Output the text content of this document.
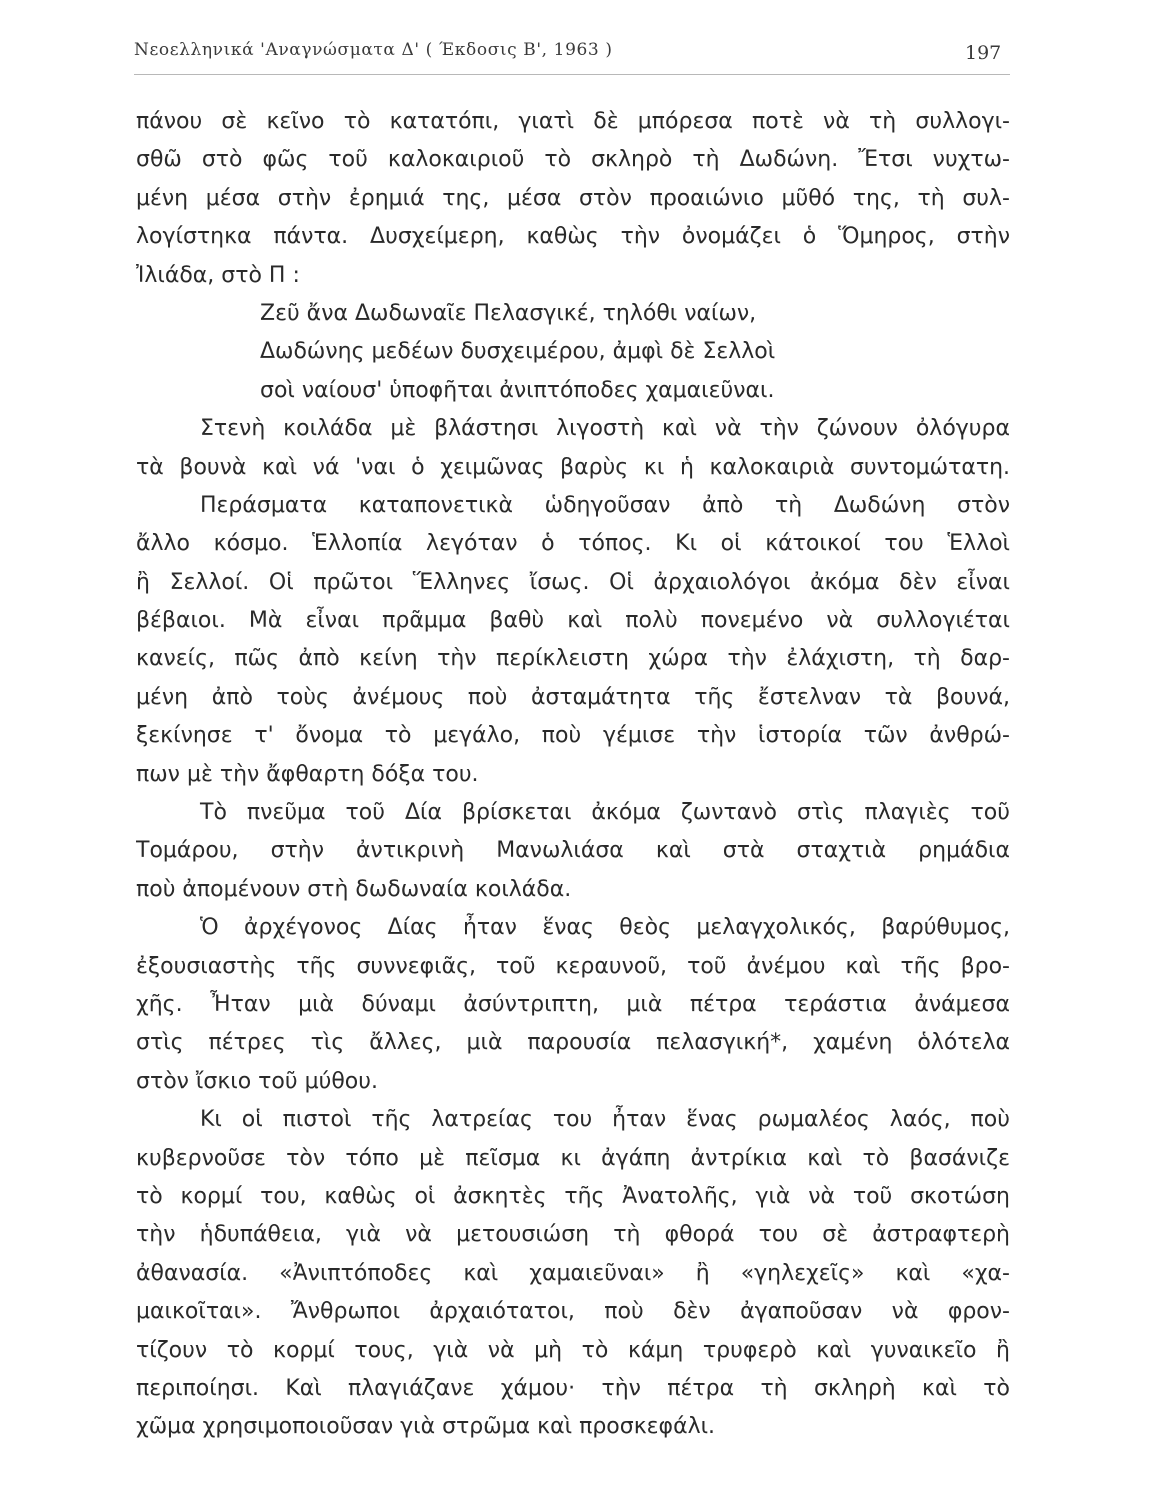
Νεοελληνικά 'Αναγνώσματα Δ' ( Έκδοσις Β', 1963 )	197
πάνου σὲ κεῖνο τὸ κατατόπι, γιατὶ δὲ μπόρεσα ποτὲ νὰ τὴ συλλογι-
σθῶ στὸ φῶς τοῦ καλοκαιριοῦ τὸ σκληρὸ τὴ Δωδώνη. Ἔτσι νυχτω-
μένη μέσα στὴν ἐρημιά της, μέσα στὸν προαιώνιο μῦθό της, τὴ συλ-
λογίστηκα πάντα. Δυσχείμερη, καθὼς τὴν ὀνομάζει ὁ Ὅμηρος, στὴν
Ἰλιάδα, στὸ Π :
Ζεῦ ἄνα Δωδωναῖε Πελασγικέ, τηλόθι ναίων,
Δωδώνης μεδέων δυσχειμέρου, ἀμφὶ δὲ Σελλοὶ
σοὶ ναίουσ' ὑποφῆται ἀνιπτόποδες χαμαιεῦναι.
Στενὴ κοιλάδα μὲ βλάστησι λιγοστὴ καὶ νὰ τὴν ζώνουν ὀλόγυρα
τὰ βουνὰ καὶ νά 'ναι ὁ χειμῶνας βαρὺς κι ἡ καλοκαιριὰ συντομώτατη.
Περάσματα καταπονετικὰ ὡδηγοῦσαν ἀπὸ τὴ Δωδώνη στὸν
ἄλλο κόσμο. Ἑλλοπία λεγόταν ὁ τόπος. Κι οἱ κάτοικοί του Ἑλλοὶ
ἢ Σελλοί. Οἱ πρῶτοι Ἕλληνες ἴσως. Οἱ ἀρχαιολόγοι ἀκόμα δὲν εἶναι
βέβαιοι. Μὰ εἶναι πρᾶμμα βαθὺ καὶ πολὺ πονεμένο νὰ συλλογιέται
κανείς, πῶς ἀπὸ κείνη τὴν περίκλειστη χώρα τὴν ἐλάχιστη, τὴ δαρ-
μένη ἀπὸ τοὺς ἀνέμους ποὺ ἀσταμάτητα τῆς ἔστελναν τὰ βουνά,
ξεκίνησε τ' ὄνομα τὸ μεγάλο, ποὺ γέμισε τὴν ἱστορία τῶν ἀνθρώ-
πων μὲ τὴν ἄφθαρτη δόξα του.
Τὸ πνεῦμα τοῦ Δία βρίσκεται ἀκόμα ζωντανὸ στὶς πλαγιὲς τοῦ
Τομάρου, στὴν ἀντικρινὴ Μανωλιάσα καὶ στὰ σταχτιὰ ρημάδια
ποὺ ἀπομένουν στὴ δωδωναία κοιλάδα.
Ὁ ἀρχέγονος Δίας ἦταν ἕνας θεὸς μελαγχολικός, βαρύθυμος,
ἐξουσιαστὴς τῆς συννεφιᾶς, τοῦ κεραυνοῦ, τοῦ ἀνέμου καὶ τῆς βρο-
χῆς. Ἦταν μιὰ δύναμι ἀσύντριπτη, μιὰ πέτρα τεράστια ἀνάμεσα
στὶς πέτρες τὶς ἄλλες, μιὰ παρουσία πελασγική*, χαμένη ὁλότελα
στὸν ἴσκιο τοῦ μύθου.
Κι οἱ πιστοὶ τῆς λατρείας του ἦταν ἕνας ρωμαλέος λαός, ποὺ
κυβερνοῦσε τὸν τόπο μὲ πεῖσμα κι ἀγάπη ἀντρίκια καὶ τὸ βασάνιζε
τὸ κορμί του, καθὼς οἱ ἀσκητὲς τῆς Ἀνατολῆς, γιὰ νὰ τοῦ σκοτώση
τὴν ἡδυπάθεια, γιὰ νὰ μετουσιώση τὴ φθορά του σὲ ἀστραφτερὴ
ἀθανασία. «Ἀνιπτόποδες καὶ χαμαιεῦναι» ἢ «γηλεχεῖς» καὶ «χα-
μαικοῖται». Ἄνθρωποι ἀρχαιότατοι, ποὺ δὲν ἀγαποῦσαν νὰ φρον-
τίζουν τὸ κορμί τους, γιὰ νὰ μὴ τὸ κάμη τρυφερὸ καὶ γυναικεῖο ἢ
περιποίησι. Καὶ πλαγιάζανε χάμου· τὴν πέτρα τὴ σκληρὴ καὶ τὸ
χῶμα χρησιμοποιοῦσαν γιὰ στρῶμα καὶ προσκεφάλι.
